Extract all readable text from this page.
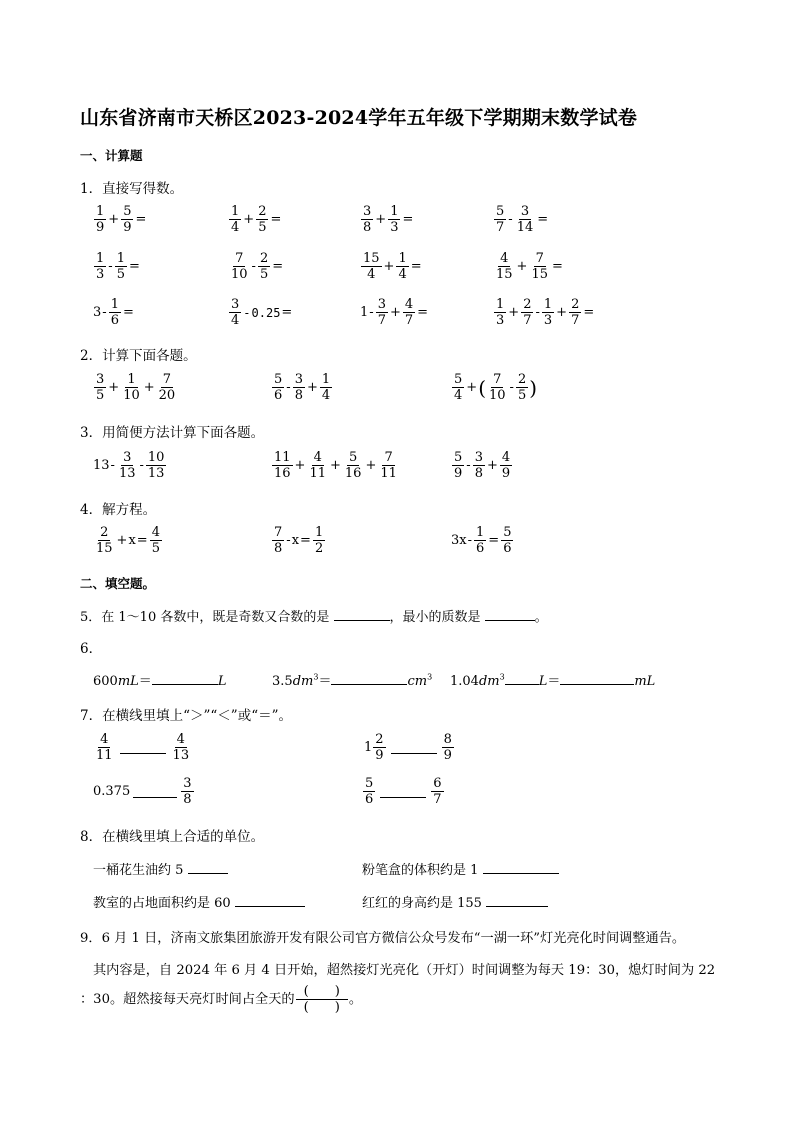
山东省济南市天桥区2023-2024学年五年级下学期期末数学试卷
一、计算题
1．直接写得数。
$\frac{1}{9} + \frac{5}{9}$ =	$\frac{1}{4} + \frac{2}{5}$ =	$\frac{3}{8} + \frac{1}{3}$ =	$\frac{5}{7} - \frac{3}{14}$ =
$\frac{1}{3} - \frac{1}{5}$ =	$\frac{7}{10} - \frac{2}{5}$ =	$\frac{15}{4} + \frac{1}{4}$ =	$\frac{4}{15} + \frac{7}{15}$ =
$3 - \frac{1}{6}$ =	$\frac{3}{4} - 0.25$ =	$1 - \frac{3}{7} + \frac{4}{7}$ =	$\frac{1}{3} + \frac{2}{7} - \frac{1}{3} + \frac{2}{7}$ =
2．计算下面各题。
$\frac{3}{5} + \frac{1}{10} + \frac{7}{20}$	$\frac{5}{6} - \frac{3}{8} + \frac{1}{4}$	$\frac{5}{4}$ + ( $\frac{7}{10} - \frac{2}{5}$ )
3．用简便方法计算下面各题。
$13 - \frac{3}{13} - \frac{10}{13}$	$\frac{11}{16} + \frac{4}{11} + \frac{5}{16} + \frac{7}{11}$	$\frac{5}{9} - \frac{3}{8} + \frac{4}{9}$
4．解方程。
$\frac{2}{15} + x = \frac{4}{5}$	$\frac{7}{8} - x = \frac{1}{2}$	$3x - \frac{1}{6} = \frac{5}{6}$
二、填空题。
5．在 1～10 各数中，既是奇数又合数的是	，最小的质数是	。
6．
600mL＝	L	$3.5dm^3=$	$cm^3$ $1.04dm^3$	L＝	mL
7．在横线里填上“＞”“＜”或“＝”。
$\frac{4}{11}$	$\frac{4}{13}$	$1 \frac{2}{9}$	$\frac{8}{9}$
0.375	$\frac{3}{8}$	$\frac{5}{6}$	$\frac{6}{7}$
8．在横线里填上合适的单位。
一桶花生油约 5	粉笔盒的体积约是 1
教室的占地面积约是 60	红红的身高约是 155
9．6 月 1 日，济南文旅集团旅游开发有限公司官方微信公众号发布“一湖一环”灯光亮化时间调整通告。
其内容是，自 2024 年 6 月 4 日开始，超然接灯光亮化（开灯）时间调整为每天 19：30，熄灯时间为 22
：30。超然接每天亮灯时间占全天的 $\frac{( )}{( )}$ 。
